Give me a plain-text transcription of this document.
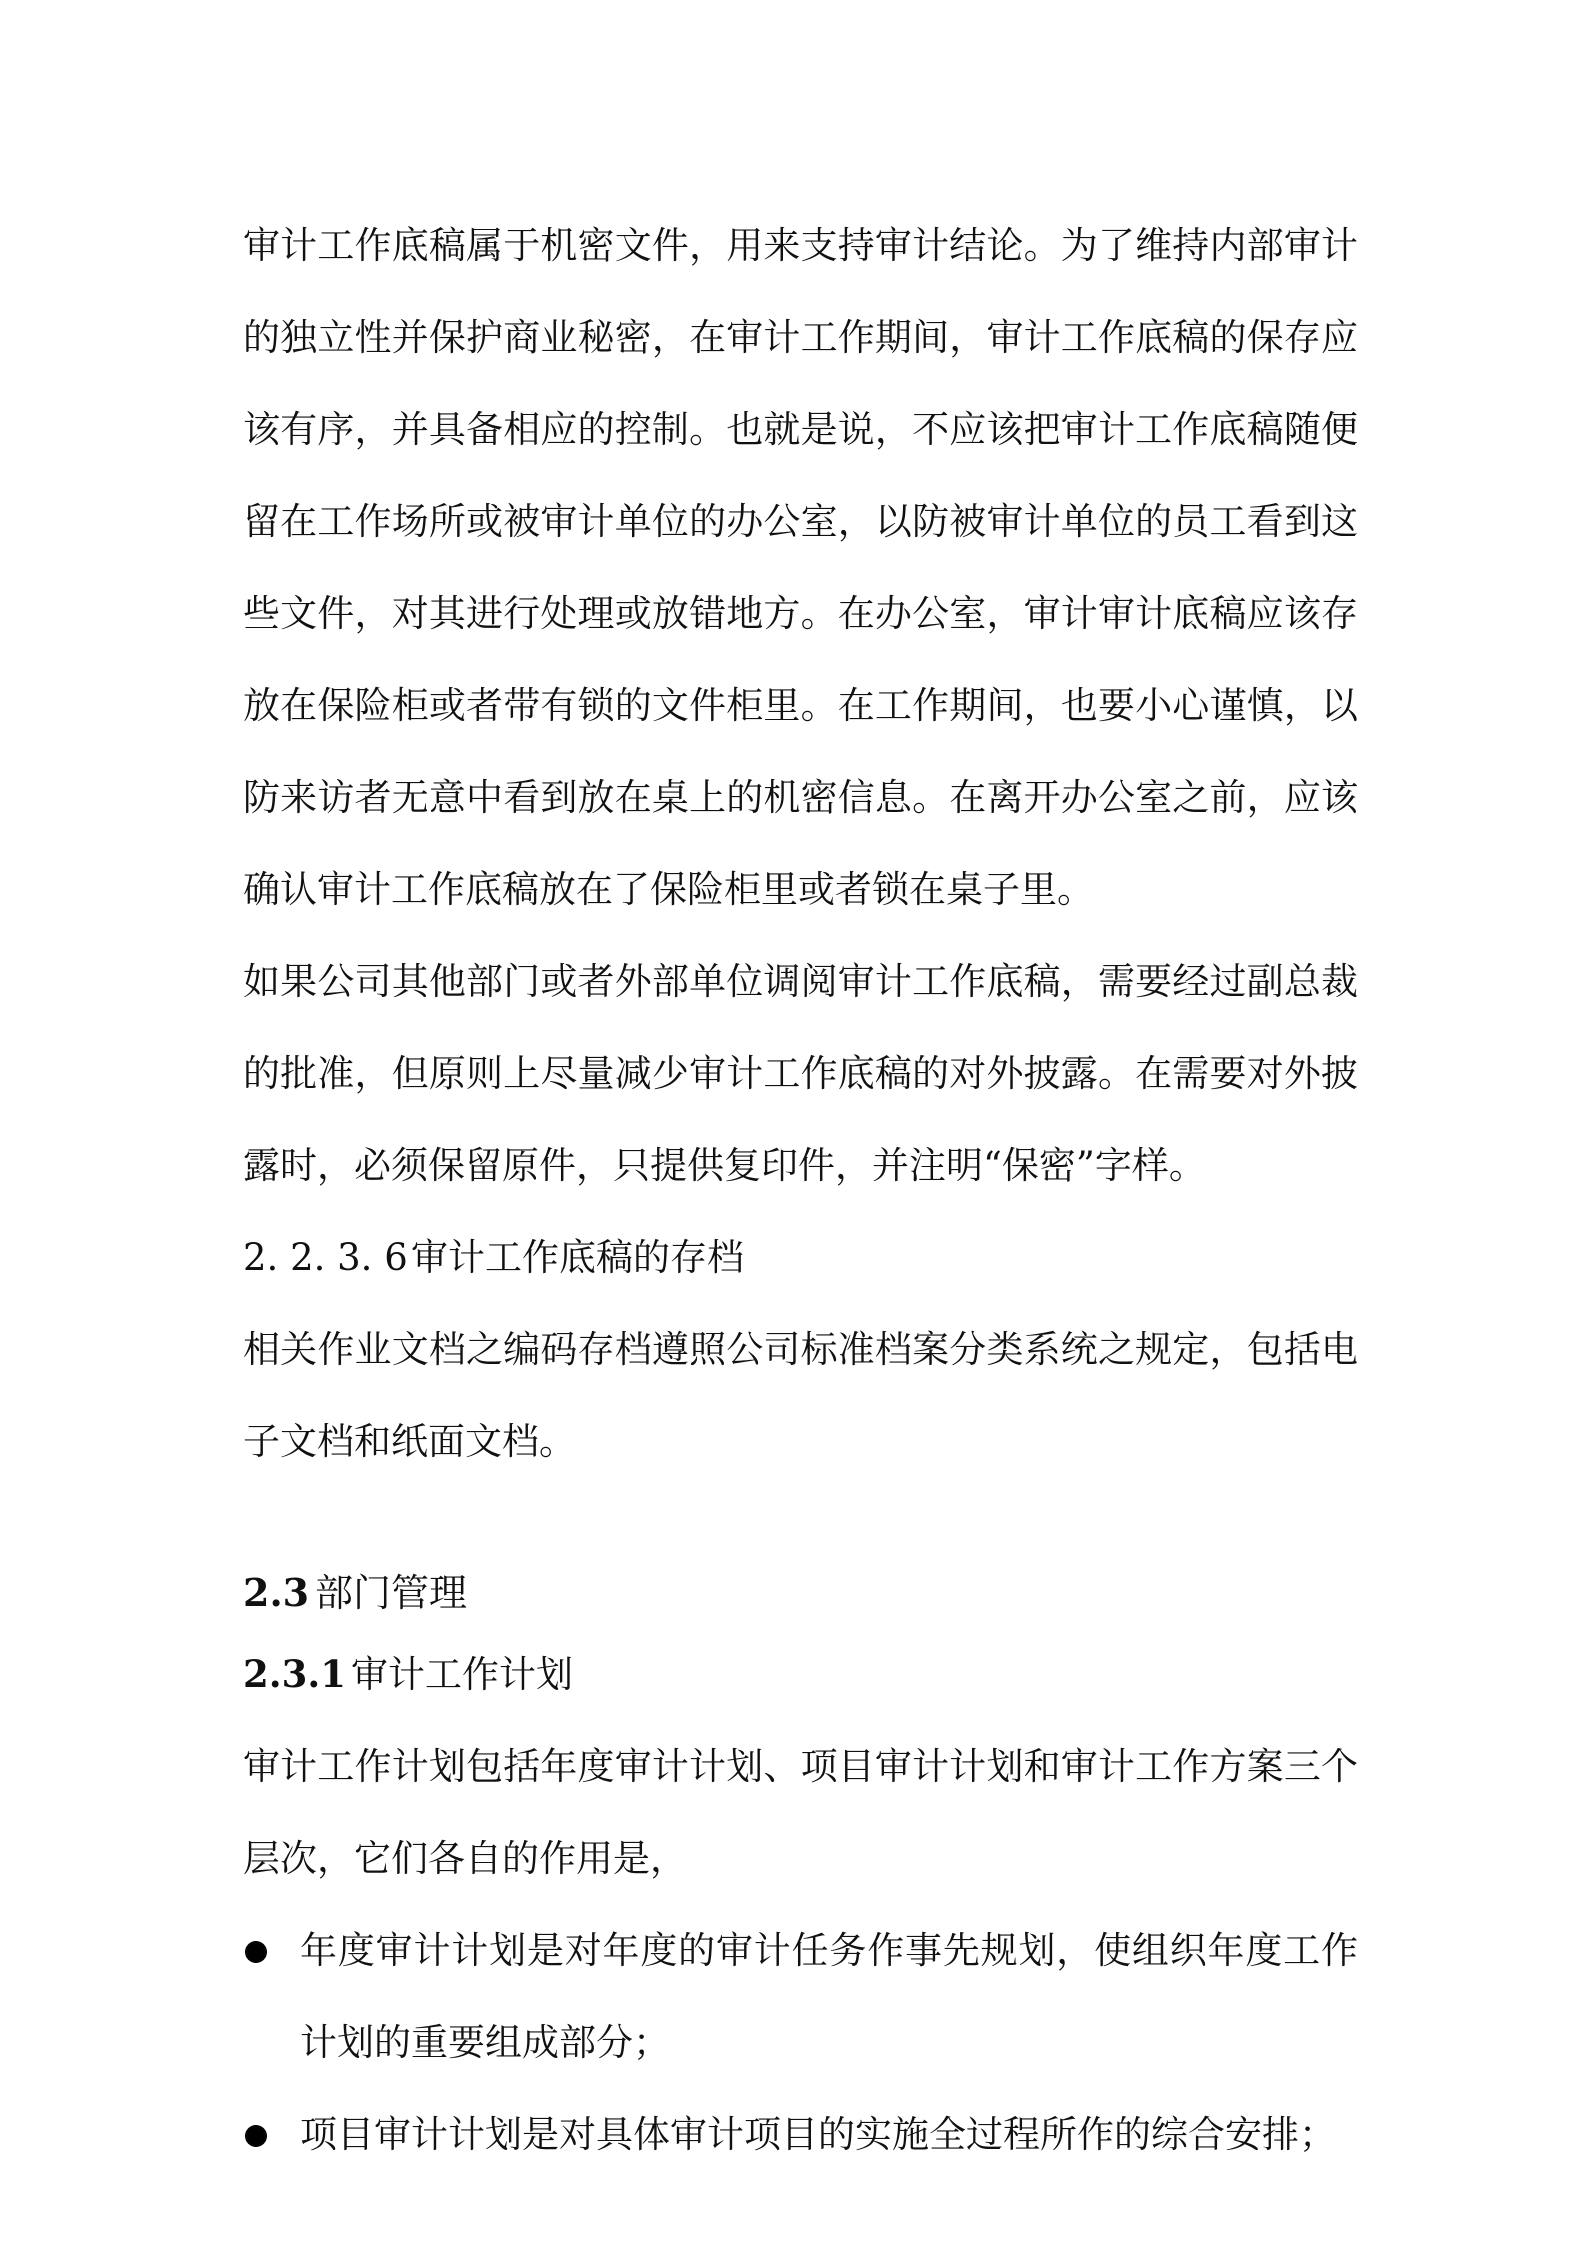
审计工作底稿属于机密文件，用来支持审计结论。为了维持内部审计的独立性并保护商业秘密，在审计工作期间，审计工作底稿的保存应该有序，并具备相应的控制。也就是说，不应该把审计工作底稿随便留在工作场所或被审计单位的办公室，以防被审计单位的员工看到这些文件，对其进行处理或放错地方。在办公室，审计审计底稿应该存放在保险柜或者带有锁的文件柜里。在工作期间，也要小心谨慎，以防来访者无意中看到放在桌上的机密信息。在离开办公室之前，应该确认审计工作底稿放在了保险柜里或者锁在桌子里。

如果公司其他部门或者外部单位调阅审计工作底稿，需要经过副总裁的批准，但原则上尽量减少审计工作底稿的对外披露。在需要对外披露时，必须保留原件，只提供复印件，并注明“保密”字样。

2. 2. 3. 6审计工作底稿的存档

相关作业文档之编码存档遵照公司标准档案分类系统之规定，包括电子文档和纸面文档。

2.3 部门管理

2.3.1 审计工作计划

审计工作计划包括年度审计计划、项目审计计划和审计工作方案三个层次，它们各自的作用是，

年度审计计划是对年度的审计任务作事先规划，使组织年度工作计划的重要组成部分；
项目审计计划是对具体审计项目的实施全过程所作的综合安排；
